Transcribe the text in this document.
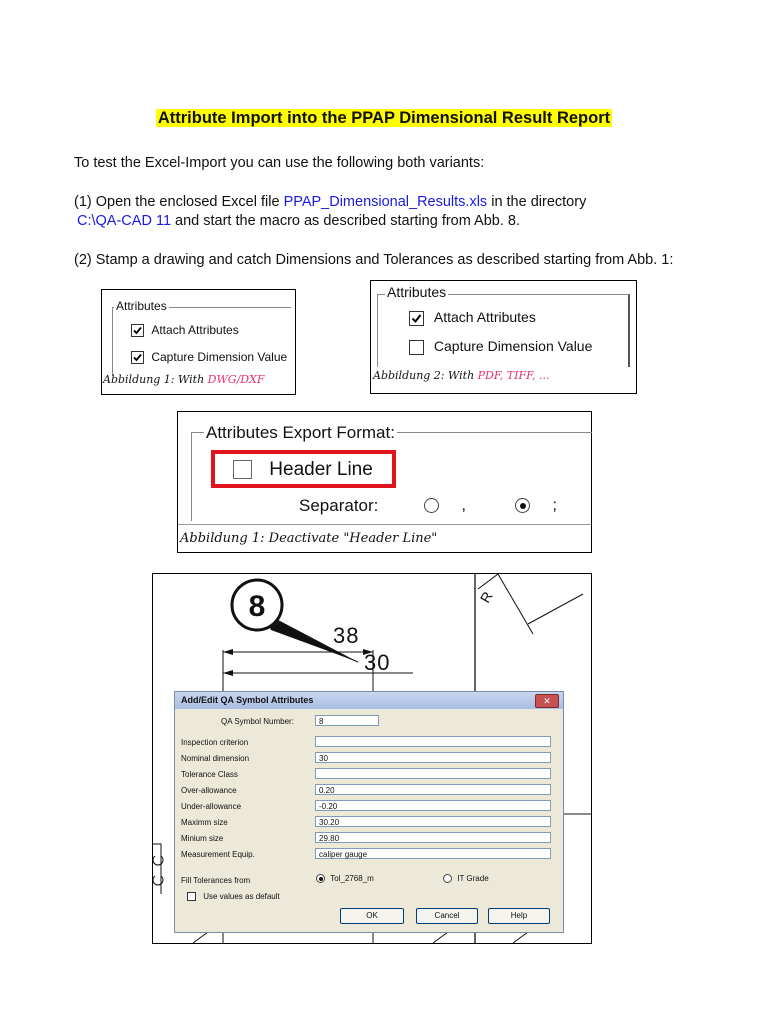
Attribute Import into the PPAP Dimensional Result Report
To test the Excel-Import you can use the following both variants:
(1) Open the enclosed Excel file PPAP_Dimensional_Results.xls in the directory
C:\QA-CAD 11 and start the macro as described starting from Abb. 8.
(2) Stamp a drawing and catch Dimensions and Tolerances as described starting from Abb. 1:
Attributes
Attach Attributes
Capture Dimension Value
Abbildung 1: With DWG/DXF
Attributes
Attach Attributes
Capture Dimension Value
Abbildung 2: With PDF, TIFF, ...
Attributes Export Format:
Header Line
Separator:	,	;
Abbildung 1: Deactivate "Header Line"
R
8
38
30
Add/Edit QA Symbol Attributes	✕
QA Symbol Number:	8
Fill Tolerances from	Tol_2768_m	IT Grade
Use values as default
OK	Cancel	Help
Inspection criterion
Nominal dimension	30
Tolerance Class
Over-allowance	0.20
Under-allowance	-0.20
Maximm size	30.20
Minium size	29.80
Measurement Equip.	caliper gauge
